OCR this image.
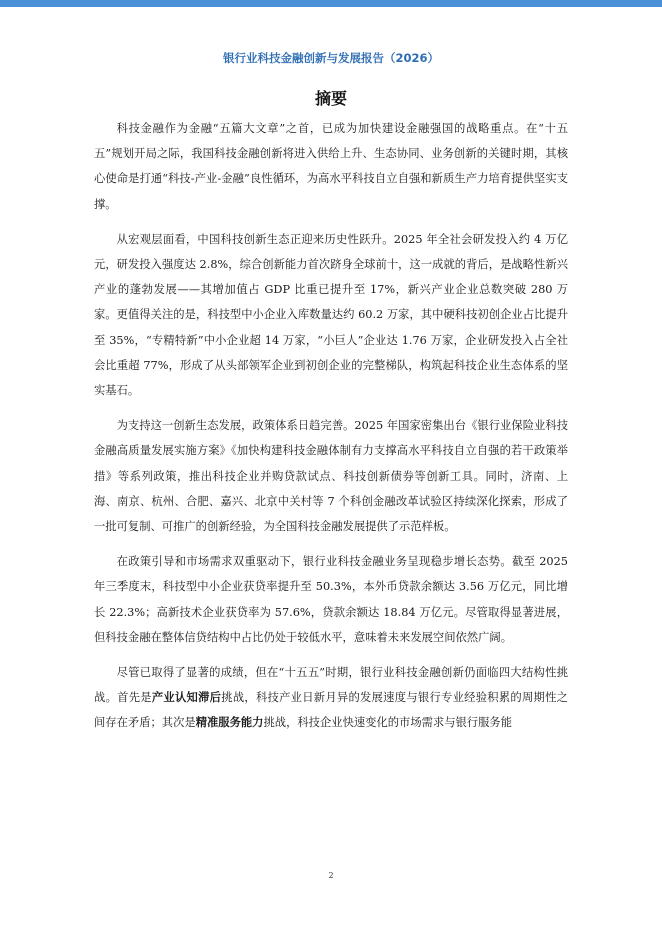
银行业科技金融创新与发展报告（2026）
摘要

科技金融作为金融“五篇大文章”之首，已成为加快建设金融强国的战略重点。在“十五五”规划开局之际，我国科技金融创新将进入供给上升、生态协同、业务创新的关键时期，其核心使命是打通“科技-产业-金融”良性循环，为高水平科技自立自强和新质生产力培育提供坚实支撑。

从宏观层面看，中国科技创新生态正迎来历史性跃升。2025 年全社会研发投入约 4 万亿元，研发投入强度达 2.8%，综合创新能力首次跻身全球前十，这一成就的背后，是战略性新兴产业的蓬勃发展——其增加值占 GDP 比重已提升至 17%，新兴产业企业总数突破 280 万家。更值得关注的是，科技型中小企业入库数量达约 60.2 万家，其中硬科技初创企业占比提升至 35%，“专精特新”中小企业超 14 万家，“小巨人”企业达 1.76 万家，企业研发投入占全社会比重超 77%，形成了从头部领军企业到初创企业的完整梯队，构筑起科技企业生态体系的坚实基石。

为支持这一创新生态发展，政策体系日趋完善。2025 年国家密集出台《银行业保险业科技金融高质量发展实施方案》《加快构建科技金融体制有力支撑高水平科技自立自强的若干政策举措》等系列政策，推出科技企业并购贷款试点、科技创新债券等创新工具。同时，济南、上海、南京、杭州、合肥、嘉兴、北京中关村等 7 个科创金融改革试验区持续深化探索，形成了一批可复制、可推广的创新经验，为全国科技金融发展提供了示范样板。

在政策引导和市场需求双重驱动下，银行业科技金融业务呈现稳步增长态势。截至 2025 年三季度末，科技型中小企业获贷率提升至 50.3%，本外币贷款余额达 3.56 万亿元，同比增长 22.3%；高新技术企业获贷率为 57.6%，贷款余额达 18.84 万亿元。尽管取得显著进展，但科技金融在整体信贷结构中占比仍处于较低水平，意味着未来发展空间依然广阔。

尽管已取得了显著的成绩，但在“十五五”时期，银行业科技金融创新仍面临四大结构性挑战。首先是产业认知滞后挑战，科技产业日新月异的发展速度与银行专业经验积累的周期性之间存在矛盾；其次是精准服务能力挑战，科技企业快速变化的市场需求与银行服务能

2
